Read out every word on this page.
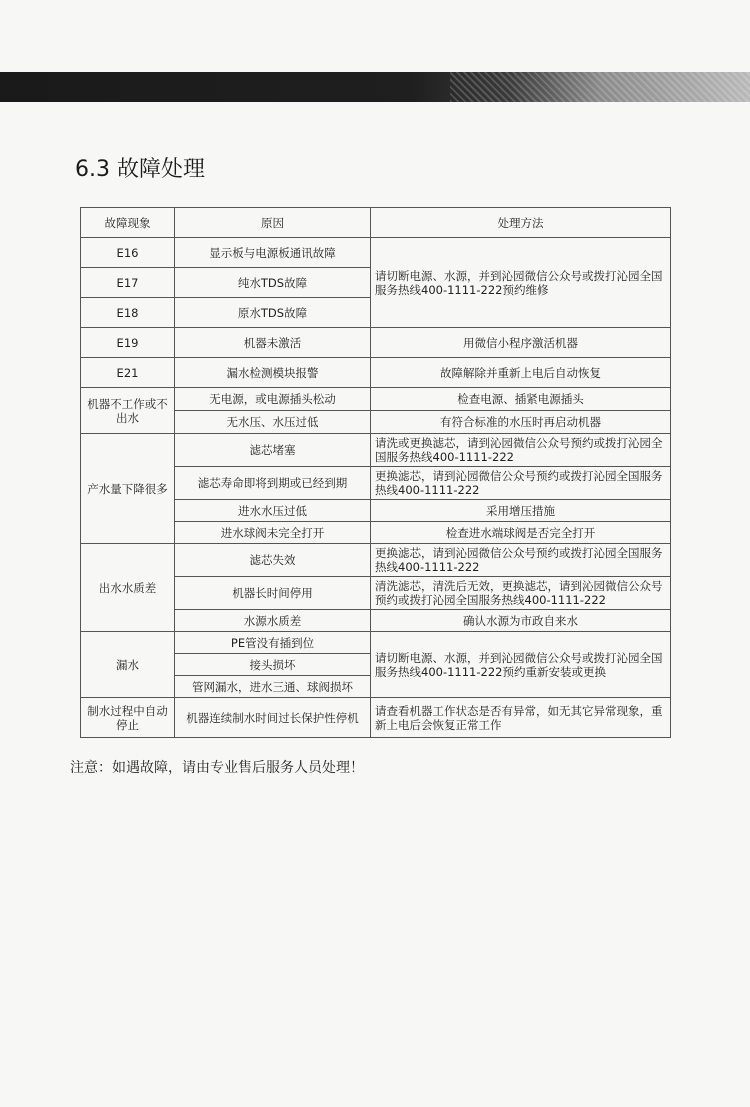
6.3 故障处理
故障现象	原因	处理方法
E16	显示板与电源板通讯故障	请切断电源、水源，并到沁园微信公众号或拨打沁园全国服务热线400-1111-222预约维修
E17	纯水TDS故障	
E18	原水TDS故障	
E19	机器未激活	用微信小程序激活机器
E21	漏水检测模块报警	故障解除并重新上电后自动恢复
机器不工作或不出水	无电源，或电源插头松动	检查电源、插紧电源插头
	无水压、水压过低	有符合标准的水压时再启动机器
产水量下降很多	滤芯堵塞	请洗或更换滤芯，请到沁园微信公众号预约或拨打沁园全国服务热线400-1111-222
	滤芯寿命即将到期或已经到期	更换滤芯，请到沁园微信公众号预约或拨打沁园全国服务热线400-1111-222
	进水水压过低	采用增压措施
	进水球阀未完全打开	检查进水端球阀是否完全打开
出水水质差	滤芯失效	更换滤芯，请到沁园微信公众号预约或拨打沁园全国服务热线400-1111-222
	机器长时间停用	清洗滤芯，清洗后无效，更换滤芯，请到沁园微信公众号预约或拨打沁园全国服务热线400-1111-222
	水源水质差	确认水源为市政自来水
漏水	PE管没有插到位	请切断电源、水源，并到沁园微信公众号或拨打沁园全国服务热线400-1111-222预约重新安装或更换
	接头损坏	
	管网漏水，进水三通、球阀损坏	
制水过程中自动停止	机器连续制水时间过长保护性停机	请查看机器工作状态是否有异常，如无其它异常现象，重新上电后会恢复正常工作
注意：如遇故障，请由专业售后服务人员处理！
